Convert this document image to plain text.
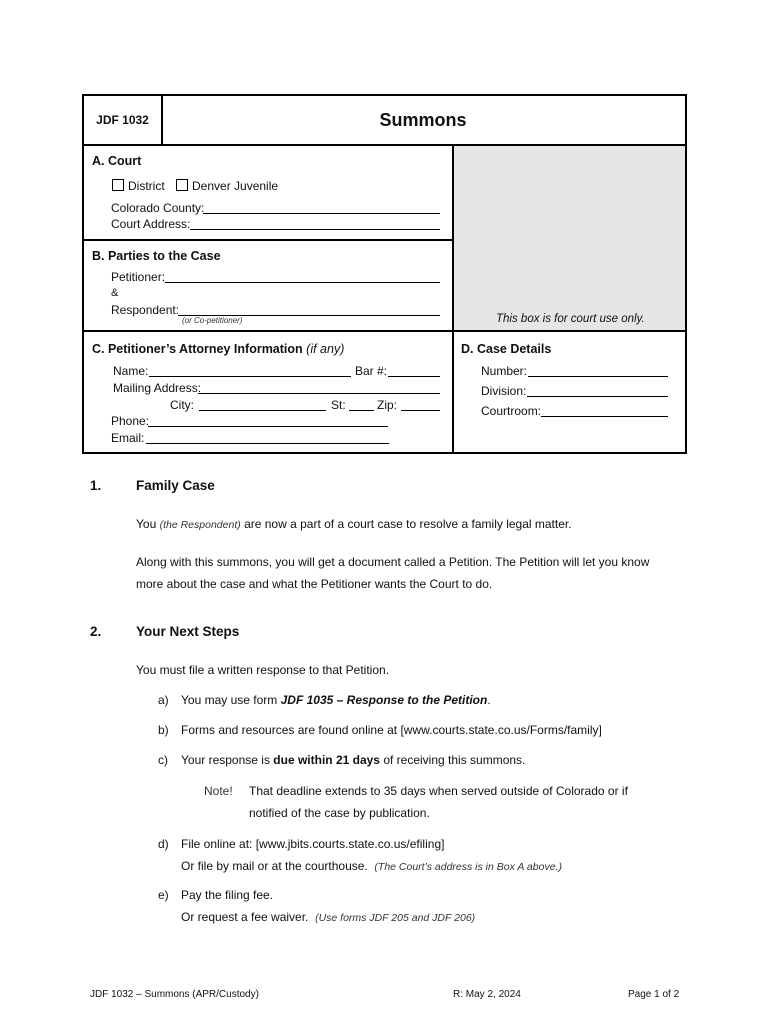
JDF 1032	Summons
A. Court
District	Denver Juvenile
Colorado County:
Court Address:
B. Parties to the Case
Petitioner:
&
Respondent:
(or Co-petitioner)	This box is for court use only.
C. Petitioner’s Attorney Information (if any)
Name:	Bar #:
Mailing Address:
City:	St:	Zip:
Phone:
Email:
D. Case Details
Number:
Division:
Courtroom:
1.	Family Case
You (the Respondent) are now a part of a court case to resolve a family legal matter.
Along with this summons, you will get a document called a Petition. The Petition will let you know
more about the case and what the Petitioner wants the Court to do.
2.	Your Next Steps
You must file a written response to that Petition.
a) You may use form JDF 1035 – Response to the Petition.
b) Forms and resources are found online at [www.courts.state.co.us/Forms/family]
c) Your response is due within 21 days of receiving this summons.
Note! That deadline extends to 35 days when served outside of Colorado or if
notified of the case by publication.
d) File online at: [www.jbits.courts.state.co.us/efiling]
Or file by mail or at the courthouse. (The Court’s address is in Box A above.)
e) Pay the filing fee.
Or request a fee waiver. (Use forms JDF 205 and JDF 206)
JDF 1032 – Summons (APR/Custody)	R: May 2, 2024	Page 1 of 2
